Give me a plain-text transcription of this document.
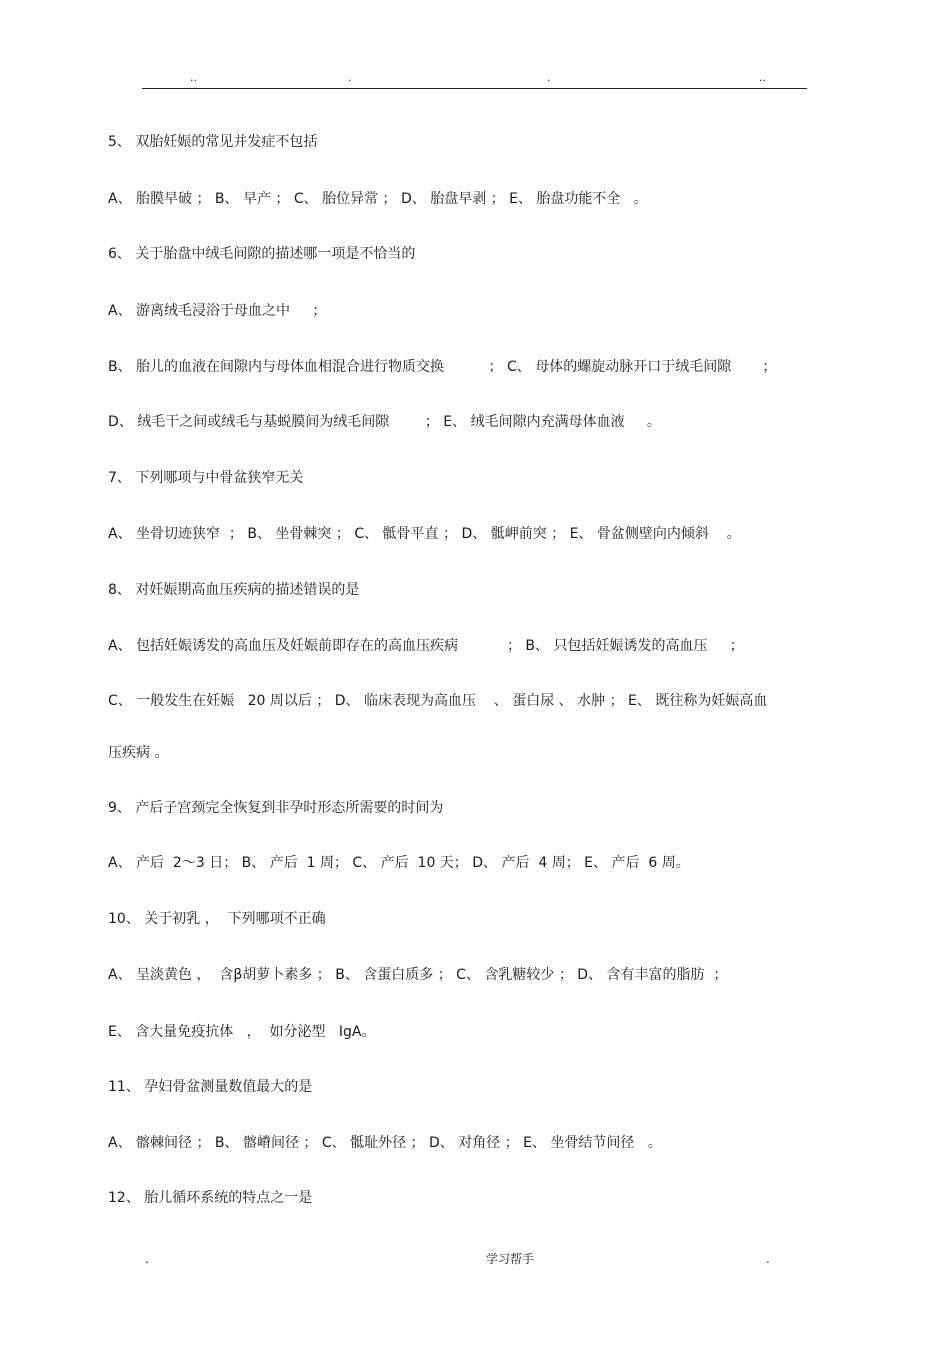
..	.	.	..
5、 双胎妊娠的常见并发症不包括
A、 胎膜早破 ； B、 早产 ； C、 胎位异常 ； D、 胎盘早剥 ； E、 胎盘功能不全   。
6、 关于胎盘中绒毛间隙的描述哪一项是不恰当的
A、 游离绒毛浸浴于母血之中     ；
B、 胎儿的血液在间隙内与母体血相混合进行物质交换          ； C、 母体的螺旋动脉开口于绒毛间隙       ；
D、 绒毛干之间或绒毛与基蜕膜间为绒毛间隙        ； E、 绒毛间隙内充满母体血液     。
7、 下列哪项与中骨盆狭窄无关
A、 坐骨切迹狭窄  ； B、 坐骨棘突 ； C、 骶骨平直 ； D、 骶岬前突 ； E、 骨盆侧壁向内倾斜    。
8、 对妊娠期高血压疾病的描述错误的是
A、 包括妊娠诱发的高血压及妊娠前即存在的高血压疾病           ； B、 只包括妊娠诱发的高血压     ；
C、 一般发生在妊娠   20 周以后 ； D、 临床表现为高血压    、 蛋白尿 、 水肿 ； E、 既往称为妊娠高血
压疾病 。
9、 产后子宫颈完全恢复到非孕时形态所需要的时间为
A、 产后  2～3 日； B、 产后  1 周； C、 产后  10 天； D、 产后  4 周； E、 产后  6 周。
10、 关于初乳 ，  下列哪项不正确
A、 呈淡黄色 ，  含β胡萝卜素多 ； B、 含蛋白质多 ； C、 含乳糖较少 ； D、 含有丰富的脂肪  ；
E、 含大量免疫抗体   ，  如分泌型   IgA。
11、 孕妇骨盆测量数值最大的是
A、 髂棘间径 ； B、 髂嵴间径 ； C、 骶耻外径 ； D、 对角径 ； E、 坐骨结节间径   。
12、 胎儿循环系统的特点之一是
.	学习帮手	.
